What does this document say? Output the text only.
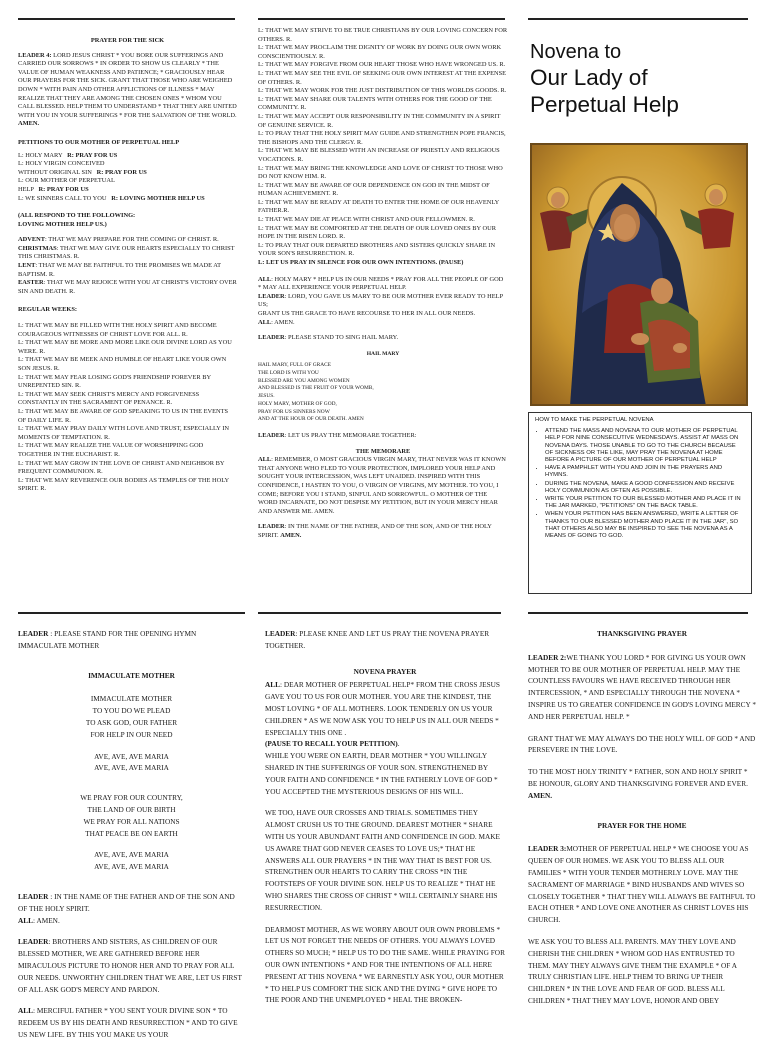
PRAYER FOR THE SICK

LEADER 4: LORD JESUS CHRIST * YOU BORE OUR SUFFERINGS AND CARRIED OUR SORROWS * IN ORDER TO SHOW US CLEARLY * THE VALUE OF HUMAN WEAKNESS AND PATIENCE; * GRACIOUSLY HEAR OUR PRAYERS FOR THE SICK. GRANT THAT THOSE WHO ARE WEIGHED DOWN * WITH PAIN AND OTHER AFFLICTIONS OF ILLNESS * MAY REALIZE THAT THEY ARE AMONG THE CHOSEN ONES * WHOM YOU CALL BLESSED. HELP THEM TO UNDERSTAND * THAT THEY ARE UNITED WITH YOU IN YOUR SUFFERINGS * FOR THE SALVATION OF THE WORLD. AMEN.

PETITIONS TO OUR MOTHER OF PERPETUAL HELP

L: HOLY MARY R: PRAY FOR US
L: HOLY VIRGIN CONCEIVED
WITHOUT ORIGINAL SIN R: PRAY FOR US
L: OUR MOTHER OF PERPETUAL
HELP R: PRAY FOR US
L: WE SINNERS CALL TO YOU R: LOVING MOTHER HELP US

(ALL RESPOND TO THE FOLLOWING: LOVING MOTHER HELP US.)

ADVENT: THAT WE MAY PREPARE FOR THE COMING OF CHRIST. R.

CHRISTMAS: THAT WE MAY GIVE OUR HEARTS ESPECIALLY TO CHRIST THIS CHRISTMAS. R.

LENT: THAT WE MAY BE FAITHFUL TO THE PROMISES WE MADE AT BAPTISM. R.

EASTER: THAT WE MAY REJOICE WITH YOU AT CHRIST'S VICTORY OVER SIN AND DEATH. R.

REGULAR WEEKS:

L: THAT WE MAY BE FILLED WITH THE HOLY SPIRIT AND BECOME COURAGEOUS WITNESSES OF CHRIST LOVE FOR ALL. R.
L: THAT WE MAY BE MORE AND MORE LIKE OUR DIVINE LORD AS YOU WERE. R.
L: THAT WE MAY BE MEEK AND HUMBLE OF HEART LIKE YOUR OWN SON JESUS. R.
L: THAT WE MAY FEAR LOSING GOD'S FRIENDSHIP FOREVER BY UNREPENTED SIN. R.
L: THAT WE MAY SEEK CHRIST'S MERCY AND FORGIVENESS CONSTANTLY IN THE SACRAMENT OF PENANCE. R.
L: THAT WE MAY BE AWARE OF GOD SPEAKING TO US IN THE EVENTS OF DAILY LIFE. R.
L: THAT WE MAY PRAY DAILY WITH LOVE AND TRUST, ESPECIALLY IN MOMENTS OF TEMPTATION. R.
L: THAT WE MAY REALIZE THE VALUE OF WORSHIPPING GOD TOGETHER IN THE EUCHARIST. R.
L: THAT WE MAY GROW IN THE LOVE OF CHRIST AND NEIGHBOR BY FREQUENT COMMUNION. R.
L: THAT WE MAY REVERENCE OUR BODIES AS TEMPLES OF THE HOLY SPIRIT. R.
L: THAT WE MAY STRIVE TO BE TRUE CHRISTIANS BY OUR LOVING CONCERN FOR OTHERS. R.
L: THAT WE MAY PROCLAIM THE DIGNITY OF WORK BY DOING OUR OWN WORK CONSCIENTIOUSLY. R.
L: THAT WE MAY FORGIVE FROM OUR HEART THOSE WHO HAVE WRONGED US. R.
L: THAT WE MAY SEE THE EVIL OF SEEKING OUR OWN INTEREST AT THE EXPENSE OF OTHERS. R.
L: THAT WE MAY WORK FOR THE JUST DISTRIBUTION OF THIS WORLDS GOODS. R.
L: THAT WE MAY SHARE OUR TALENTS WITH OTHERS FOR THE GOOD OF THE COMMUNITY. R.
L: THAT WE MAY ACCEPT OUR RESPONSIBILITY IN THE COMMUNITY IN A SPIRIT OF GENUINE SERVICE. R.
L: TO PRAY THAT THE HOLY SPIRIT MAY GUIDE AND STRENGTHEN POPE FRANCIS, THE BISHOPS AND THE CLERGY. R.
L: THAT WE MAY BE BLESSED WITH AN INCREASE OF PRIESTLY AND RELIGIOUS VOCATIONS. R.
L: THAT WE MAY BRING THE KNOWLEDGE AND LOVE OF CHRIST TO THOSE WHO DO NOT KNOW HIM. R.
L: THAT WE MAY BE AWARE OF OUR DEPENDENCE ON GOD IN THE MIDST OF HUMAN ACHIEVEMENT. R.
L: THAT WE MAY BE READY AT DEATH TO ENTER THE HOME OF OUR HEAVENLY FATHER.R.
L: THAT WE MAY DIE AT PEACE WITH CHRIST AND OUR FELLOWMEN. R.
L: THAT WE MAY BE COMFORTED AT THE DEATH OF OUR LOVED ONES BY OUR HOPE IN THE RISEN LORD. R.
L: TO PRAY THAT OUR DEPARTED BROTHERS AND SISTERS QUICKLY SHARE IN YOUR SON'S RESURRECTION. R.
L: LET US PRAY IN SILENCE FOR OUR OWN INTENTIONS. (PAUSE)

ALL: HOLY MARY * HELP US IN OUR NEEDS * PRAY FOR ALL THE PEOPLE OF GOD * MAY ALL EXPERIENCE YOUR PERPETUAL HELP.

LEADER: LORD, YOU GAVE US MARY TO BE OUR MOTHER EVER READY TO HELP US;
GRANT US THE GRACE TO HAVE RECOURSE TO HER IN ALL OUR NEEDS.

ALL: AMEN.

LEADER: PLEASE STAND TO SING HAIL MARY.

HAIL MARY
HAIL MARY, FULL OF GRACE
THE LORD IS WITH YOU
BLESSED ARE YOU AMONG WOMEN
AND BLESSED IS THE FRUIT OF YOUR WOMB,
JESUS.
HOLY MARY, MOTHER OF GOD,
PRAY FOR US SINNERS NOW
AND AT THE HOUR OF OUR DEATH. AMEN

LEADER: LET US PRAY THE MEMORARE TOGETHER:

THE MEMORARE

ALL: REMEMBER, O MOST GRACIOUS VIRGIN MARY, THAT NEVER WAS IT KNOWN THAT ANYONE WHO FLED TO YOUR PROTECTION, IMPLORED YOUR HELP AND SOUGHT YOUR INTERCESSION, WAS LEFT UNAIDED. INSPIRED WITH THIS CONFIDENCE, I HASTEN TO YOU, O VIRGIN OF VIRGINS, MY MOTHER. TO YOU, I COME; BEFORE YOU I STAND, SINFUL AND SORROWFUL. O MOTHER OF THE WORD INCARNATE, DO NOT DESPISE MY PETITION, BUT IN YOUR MERCY HEAR AND ANSWER ME. AMEN.

LEADER: IN THE NAME OF THE FATHER, AND OF THE SON, AND OF THE HOLY SPIRIT. AMEN.

Novena to
Our Lady of
Perpetual Help
HOW TO MAKE THE PERPETUAL NOVENA
• ATTEND THE MASS AND NOVENA TO OUR MOTHER OF PERPETUAL HELP FOR NINE CONSECUTIVE WEDNESDAYS. ASSIST AT MASS ON NOVENA DAYS. THOSE UNABLE TO GO TO THE CHURCH BECAUSE OF SICKNESS OR THE LIKE, MAY PRAY THE NOVENA AT HOME BEFORE A PICTURE OF OUR MOTHER OF PERPETUAL HELP
• HAVE A PAMPHLET WITH YOU AND JOIN IN THE PRAYERS AND HYMNS.
• DURING THE NOVENA, MAKE A GOOD CONFESSION AND RECEIVE HOLY COMMUNION AS OFTEN AS POSSIBLE.
• WRITE YOUR PETITION TO OUR BLESSED MOTHER AND PLACE IT IN THE JAR MARKED, "PETITIONS" ON THE BACK TABLE.
• WHEN YOUR PETITION HAS BEEN ANSWERED, WRITE A LETTER OF THANKS TO OUR BLESSED MOTHER AND PLACE IT IN THE JAR", SO THAT OTHERS ALSO MAY BE INSPIRED TO SEE THE NOVENA AS A MEANS OF GOING TO GOD.

LEADER : PLEASE STAND FOR THE OPENING HYMN IMMACULATE MOTHER

IMMACULATE MOTHER
IMMACULATE MOTHER
TO YOU DO WE PLEAD
TO ASK GOD, OUR FATHER
FOR HELP IN OUR NEED
AVE, AVE, AVE MARIA
AVE, AVE, AVE MARIA
WE PRAY FOR OUR COUNTRY,
THE LAND OF OUR BIRTH
WE PRAY FOR ALL NATIONS
THAT PEACE BE ON EARTH
AVE, AVE, AVE MARIA
AVE, AVE, AVE MARIA

LEADER : IN THE NAME OF THE FATHER AND OF THE SON AND OF THE HOLY SPIRIT.

ALL: AMEN.

LEADER: BROTHERS AND SISTERS, AS CHILDREN OF OUR BLESSED MOTHER, WE ARE GATHERED BEFORE HER MIRACULOUS PICTURE TO HONOR HER AND TO PRAY FOR ALL OUR NEEDS. UNWORTHY CHILDREN THAT WE ARE, LET US FIRST OF ALL ASK GOD'S MERCY AND PARDON.

ALL: MERCIFUL FATHER * YOU SENT YOUR DIVINE SON * TO REDEEM US BY HIS DEATH AND RESURRECTION * AND TO GIVE US NEW LIFE. BY THIS YOU MAKE US YOUR

LEADER: PLEASE KNEE AND LET US PRAY THE NOVENA PRAYER TOGETHER.

NOVENA PRAYER
ALL: DEAR MOTHER OF PERPETUAL HELP* FROM THE CROSS JESUS GAVE YOU TO US FOR OUR MOTHER. YOU ARE THE KINDEST, THE MOST LOVING * OF ALL MOTHERS. LOOK TENDERLY ON US YOUR CHILDREN * AS WE NOW ASK YOU TO HELP US IN ALL OUR NEEDS * ESPECIALLY THIS ONE .
(PAUSE TO RECALL YOUR PETITION).

WHILE YOU WERE ON EARTH, DEAR MOTHER * YOU WILLINGLY SHARED IN THE SUFFERINGS OF YOUR SON. STRENGTHENED BY YOUR FAITH AND CONFIDENCE * IN THE FATHERLY LOVE OF GOD * YOU ACCEPTED THE MYSTERIOUS DESIGNS OF HIS WILL.

WE TOO, HAVE OUR CROSSES AND TRIALS. SOMETIMES THEY ALMOST CRUSH US TO THE GROUND. DEAREST MOTHER * SHARE WITH US YOUR ABUNDANT FAITH AND CONFIDENCE IN GOD. MAKE US AWARE THAT GOD NEVER CEASES TO LOVE US;* THAT HE ANSWERS ALL OUR PRAYERS * IN THE WAY THAT IS BEST FOR US. STRENGTHEN OUR HEARTS TO CARRY THE CROSS *IN THE FOOTSTEPS OF YOUR DIVINE SON. HELP US TO REALIZE * THAT HE WHO SHARES THE CROSS OF CHRIST * WILL CERTAINLY SHARE HIS RESURRECTION.

DEARMOST MOTHER, AS WE WORRY ABOUT OUR OWN PROBLEMS * LET US NOT FORGET THE NEEDS OF OTHERS. YOU ALWAYS LOVED OTHERS SO MUCH; * HELP US TO DO THE SAME. WHILE PRAYING FOR OUR OWN INTENTIONS * AND FOR THE INTENTIONS OF ALL HERE PRESENT AT THIS NOVENA * WE EARNESTLY ASK YOU, OUR MOTHER * TO HELP US COMFORT THE SICK AND THE DYING * GIVE HOPE TO THE POOR AND THE UNEMPLOYED * HEAL THE BROKEN-

THANKSGIVING PRAYER

LEADER 2:WE THANK YOU LORD * FOR GIVING US YOUR OWN MOTHER TO BE OUR MOTHER OF PERPETUAL HELP. MAY THE COUNTLESS FAVOURS WE HAVE RECEIVED THROUGH HER INTERCESSION, * AND ESPECIALLY THROUGH THE NOVENA * INSPIRE US TO GREATER CONFIDENCE IN GOD'S LOVING MERCY * AND HER PERPETUAL HELP. *

GRANT THAT WE MAY ALWAYS DO THE HOLY WILL OF GOD * AND PERSEVERE IN THE LOVE.

TO THE MOST HOLY TRINITY * FATHER, SON AND HOLY SPIRIT * BE HONOUR, GLORY AND THANKSGIVING FOREVER AND EVER. AMEN.

PRAYER FOR THE HOME

LEADER 3:MOTHER OF PERPETUAL HELP * WE CHOOSE YOU AS QUEEN OF OUR HOMES. WE ASK YOU TO BLESS ALL OUR FAMILIES * WITH YOUR TENDER MOTHERLY LOVE. MAY THE SACRAMENT OF MARRIAGE * BIND HUSBANDS AND WIVES SO CLOSELY TOGETHER * THAT THEY WILL ALWAYS BE FAITHFUL TO EACH OTHER * AND LOVE ONE ANOTHER AS CHRIST LOVES HIS CHURCH.

WE ASK YOU TO BLESS ALL PARENTS. MAY THEY LOVE AND CHERISH THE CHILDREN * WHOM GOD HAS ENTRUSTED TO THEM. MAY THEY ALWAYS GIVE THEM THE EXAMPLE * OF A TRULY CHRISTIAN LIFE. HELP THEM TO BRING UP THEIR CHILDREN * IN THE LOVE AND FEAR OF GOD. BLESS ALL CHILDREN * THAT THEY MAY LOVE, HONOR AND OBEY
